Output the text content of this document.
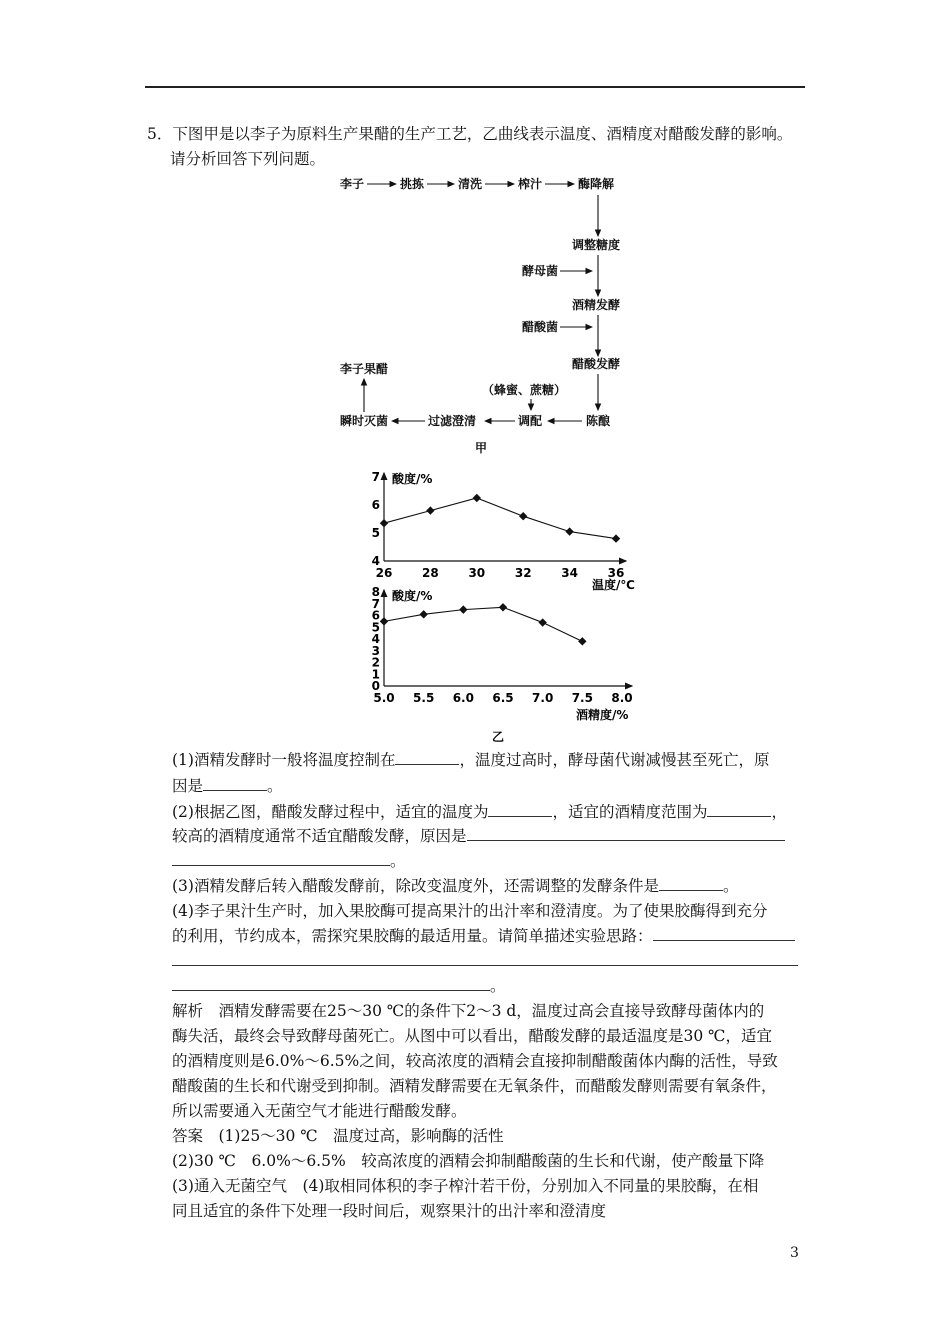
5．下图甲是以李子为原料生产果醋的生产工艺，乙曲线表示温度、酒精度对醋酸发酵的影响。
请分析回答下列问题。
李子	挑拣	清洗	榨汁	酶降解
调整糖度
酵母菌
酒精发酵
醋酸菌
醋酸发酵
李子果醋
（蜂蜜、蔗糖）
瞬时灭菌	过滤澄清	调配	陈酿
甲
酸度/%
温度/℃
4
5
6
7
26 28 30 32 34 36
酸度/%
酒精度/%
乙
0
1
2
3
4
5
6
7
8
5.0 5.5 6.0 6.5 7.0 7.5 8.0
(1)酒精发酵时一般将温度控制在	，温度过高时，酵母菌代谢减慢甚至死亡，原
因是	。
(2)根据乙图，醋酸发酵过程中，适宜的温度为	，适宜的酒精度范围为	，
较高的酒精度通常不适宜醋酸发酵，原因是
。
(3)酒精发酵后转入醋酸发酵前，除改变温度外，还需调整的发酵条件是	。
(4)李子果汁生产时，加入果胶酶可提高果汁的出汁率和澄清度。为了使果胶酶得到充分
的利用，节约成本，需探究果胶酶的最适用量。请简单描述实验思路：
。
解析　酒精发酵需要在25～30 ℃的条件下2～3 d，温度过高会直接导致酵母菌体内的
酶失活，最终会导致酵母菌死亡。从图中可以看出，醋酸发酵的最适温度是30 ℃，适宜
的酒精度则是6.0%～6.5%之间，较高浓度的酒精会直接抑制醋酸菌体内酶的活性，导致
醋酸菌的生长和代谢受到抑制。酒精发酵需要在无氧条件，而醋酸发酵则需要有氧条件，
所以需要通入无菌空气才能进行醋酸发酵。
答案　(1)25～30 ℃　温度过高，影响酶的活性
(2)30 ℃　6.0%～6.5%　较高浓度的酒精会抑制醋酸菌的生长和代谢，使产酸量下降
(3)通入无菌空气　(4)取相同体积的李子榨汁若干份，分别加入不同量的果胶酶，在相
同且适宜的条件下处理一段时间后，观察果汁的出汁率和澄清度
3
